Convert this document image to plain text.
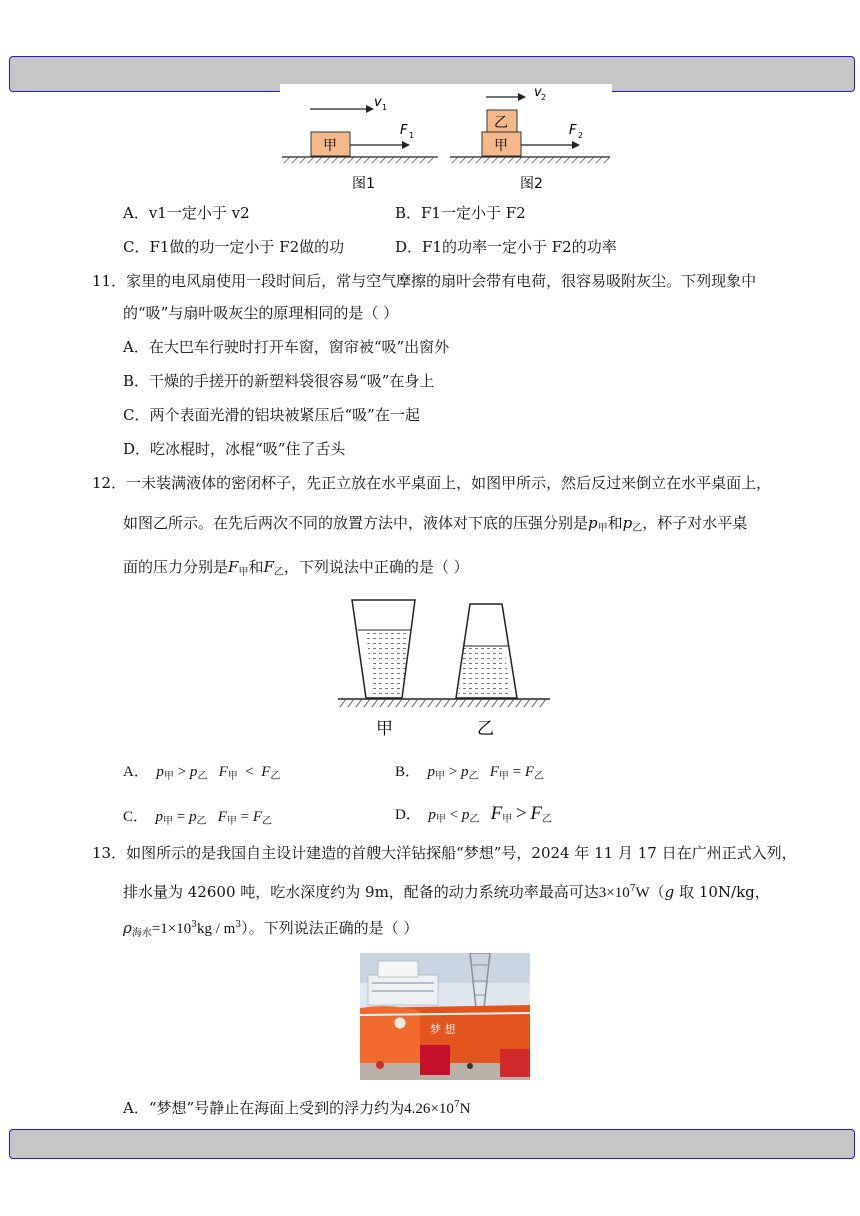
v 1
甲
F 1
图1
v 2
乙
甲
F 2
图2
A．v1一定小于 v2	B．F1一定小于 F2
C．F1做的功一定小于 F2做的功	D．F1的功率一定小于 F2的功率
11．家里的电风扇使用一段时间后，常与空气摩擦的扇叶会带有电荷，很容易吸附灰尘。下列现象中
的“吸”与扇叶吸灰尘的原理相同的是（ ）
A．在大巴车行驶时打开车窗，窗帘被“吸”出窗外
B．干燥的手搓开的新塑料袋很容易“吸”在身上
C．两个表面光滑的铝块被紧压后“吸”在一起
D．吃冰棍时，冰棍“吸”住了舌头
12．一未装满液体的密闭杯子，先正立放在水平桌面上，如图甲所示，然后反过来倒立在水平桌面上，
如图乙所示。在先后两次不同的放置方法中，液体对下底的压强分别是$p_甲$和$p_乙$，杯子对水平桌
面的压力分别是$F_甲$和$F_乙$，下列说法中正确的是（ ）
甲	乙
A． $p_甲 > p_乙$ $F_甲 < F_乙$	B． $p_甲 > p_乙$ $F_甲 = F_乙$
C． $p_甲 = p_乙$ $F_甲 = F_乙$	D． $p_甲 < p_乙$ $F_甲 > F_乙$
13．如图所示的是我国自主设计建造的首艘大洋钻探船“梦想”号，2024 年 11 月 17 日在广州正式入列，
排水量为 42600 吨，吃水深度约为 9m，配备的动力系统功率最高可达$3\times 10^7W(g$ 取 10N/kg，
$\rho_{海水}=1\times 10^3kg / m^3$）。下列说法正确的是（ ）
梦 想
A．“梦想”号静止在海面上受到的浮力约为$4.26\times 10^7N$
